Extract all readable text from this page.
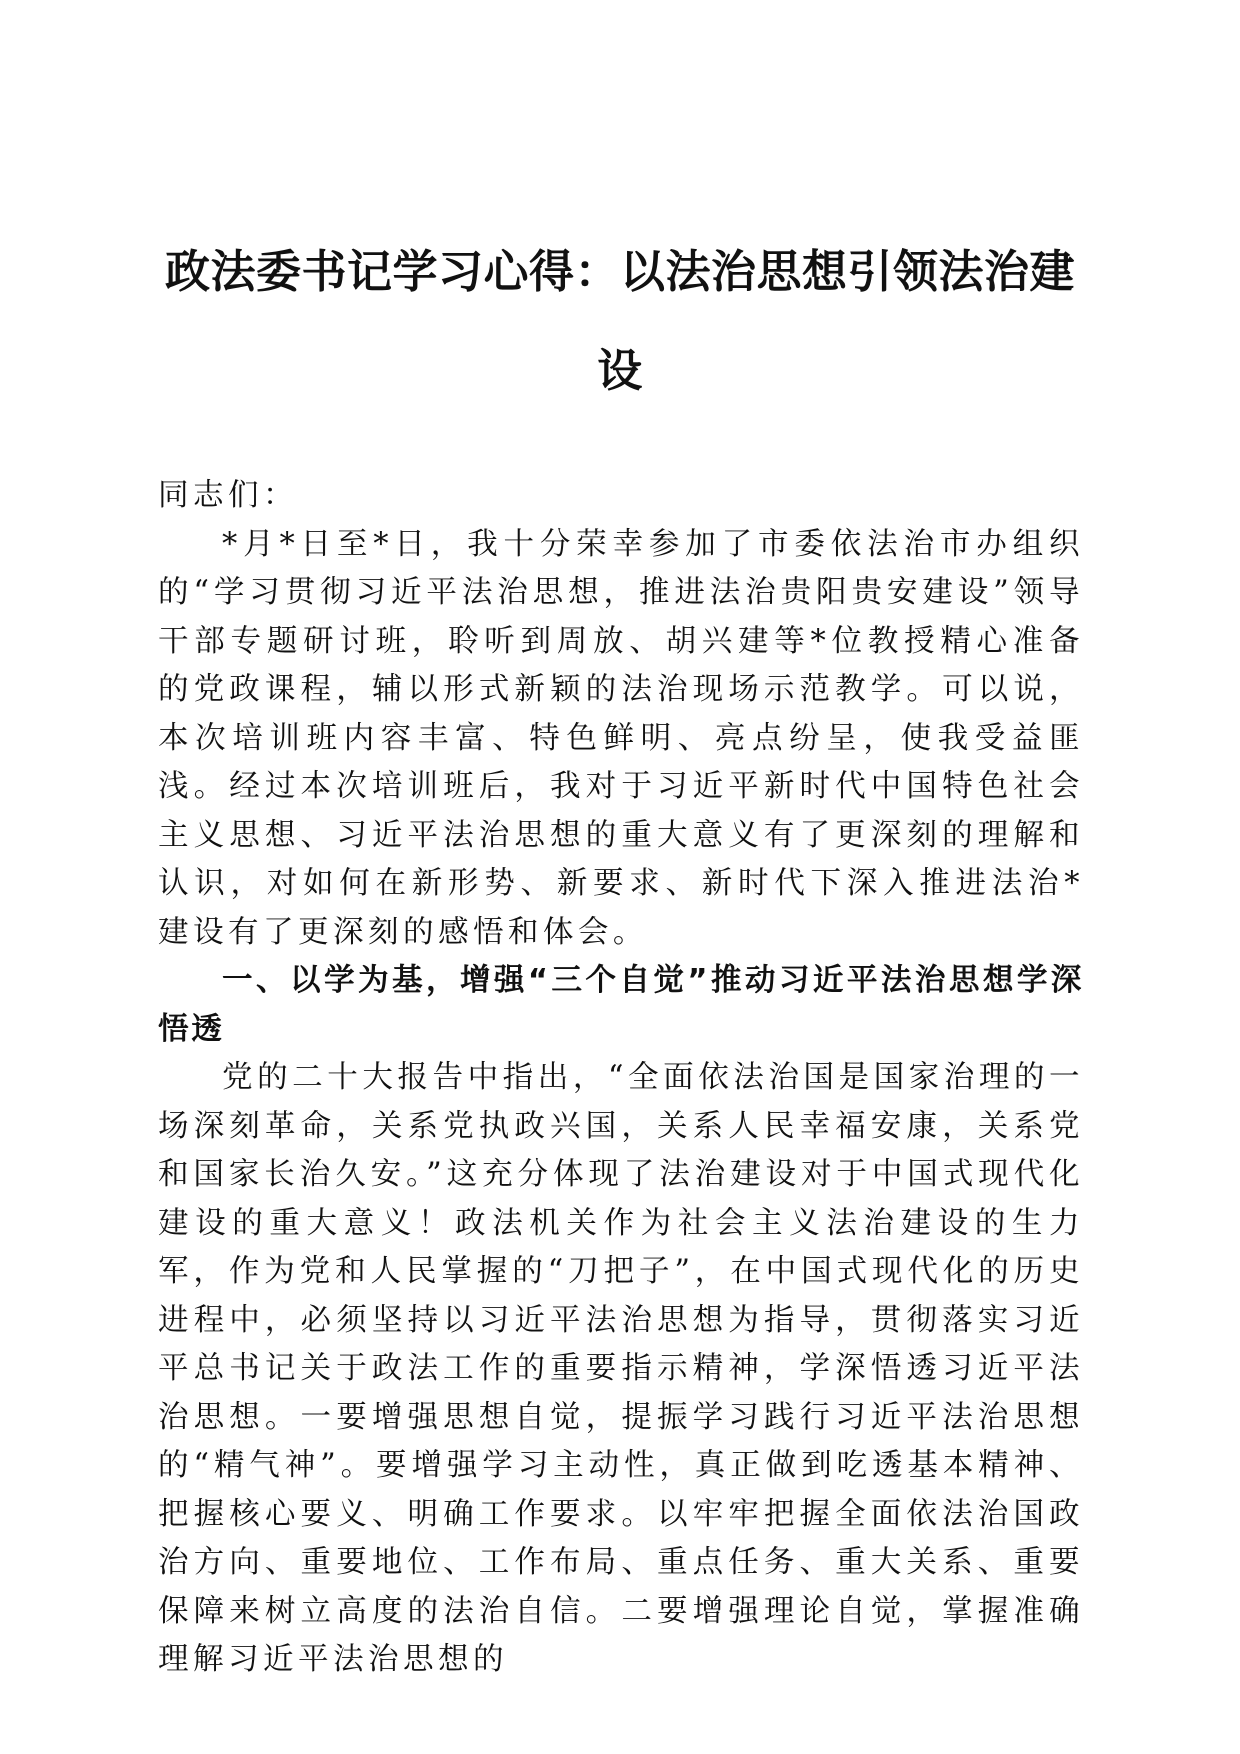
政法委书记学习心得：以法治思想引领法治建设

同志们：

*月*日至*日，我十分荣幸参加了市委依法治市办组织的“学习贯彻习近平法治思想，推进法治贵阳贵安建设”领导干部专题研讨班，聆听到周放、胡兴建等*位教授精心准备的党政课程，辅以形式新颖的法治现场示范教学。可以说，本次培训班内容丰富、特色鲜明、亮点纷呈，使我受益匪浅。经过本次培训班后，我对于习近平新时代中国特色社会主义思想、习近平法治思想的重大意义有了更深刻的理解和认识，对如何在新形势、新要求、新时代下深入推进法治*建设有了更深刻的感悟和体会。

一、以学为基，增强“三个自觉”推动习近平法治思想学深悟透

党的二十大报告中指出，“全面依法治国是国家治理的一场深刻革命，关系党执政兴国，关系人民幸福安康，关系党和国家长治久安。”这充分体现了法治建设对于中国式现代化建设的重大意义！政法机关作为社会主义法治建设的生力军，作为党和人民掌握的“刀把子”，在中国式现代化的历史进程中，必须坚持以习近平法治思想为指导，贯彻落实习近平总书记关于政法工作的重要指示精神，学深悟透习近平法治思想。一要增强思想自觉，提振学习践行习近平法治思想的“精气神”。要增强学习主动性，真正做到吃透基本精神、把握核心要义、明确工作要求。以牢牢把握全面依法治国政治方向、重要地位、工作布局、重点任务、重大关系、重要保障来树立高度的法治自信。二要增强理论自觉，掌握准确理解习近平法治思想的
